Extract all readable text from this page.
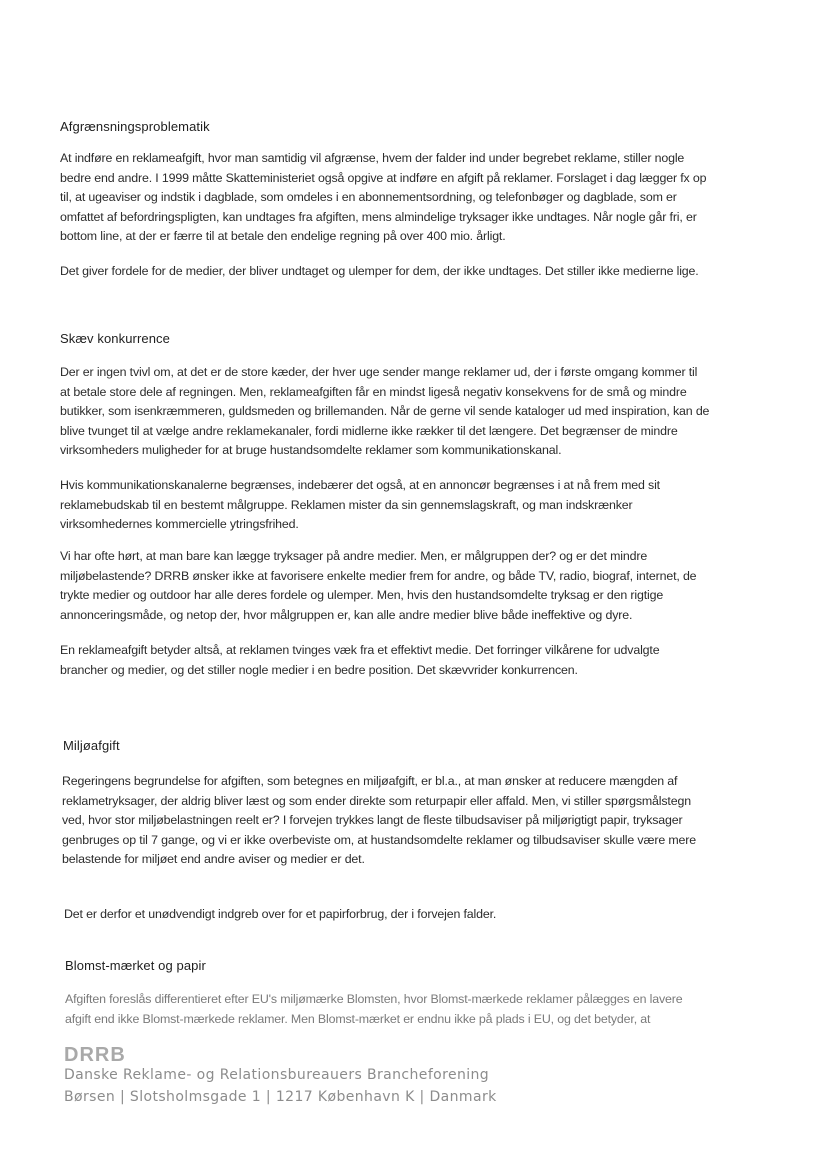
Afgrænsningsproblematik

At indføre en reklameafgift, hvor man samtidig vil afgrænse, hvem der falder ind under begrebet reklame, stiller nogle bedre end andre. I 1999 måtte Skatteministeriet også opgive at indføre en afgift på reklamer. Forslaget i dag lægger fx op til, at ugeaviser og indstik i dagblade, som omdeles i en abonnementsordning, og telefonbøger og dagblade, som er omfattet af befordringspligten, kan undtages fra afgiften, mens almindelige tryksager ikke undtages. Når nogle går fri, er bottom line, at der er færre til at betale den endelige regning på over 400 mio. årligt.

Det giver fordele for de medier, der bliver undtaget og ulemper for dem, der ikke undtages. Det stiller ikke medierne lige.

Skæv konkurrence

Der er ingen tvivl om, at det er de store kæder, der hver uge sender mange reklamer ud, der i første omgang kommer til at betale store dele af regningen. Men, reklameafgiften får en mindst ligeså negativ konsekvens for de små og mindre butikker, som isenkræmmeren, guldsmeden og brillemanden. Når de gerne vil sende kataloger ud med inspiration, kan de blive tvunget til at vælge andre reklamekanaler, fordi midlerne ikke rækker til det længere. Det begrænser de mindre virksomheders muligheder for at bruge hustandsomdelte reklamer som kommunikationskanal.

Hvis kommunikationskanalerne begrænses, indebærer det også, at en annoncør begrænses i at nå frem med sit reklamebudskab til en bestemt målgruppe. Reklamen mister da sin gennemslagskraft, og man indskrænker virksomhedernes kommercielle ytringsfrihed.

Vi har ofte hørt, at man bare kan lægge tryksager på andre medier. Men, er målgruppen der? og er det mindre miljøbelastende? DRRB ønsker ikke at favorisere enkelte medier frem for andre, og både TV, radio, biograf, internet, de trykte medier og outdoor har alle deres fordele og ulemper. Men, hvis den hustandsomdelte tryksag er den rigtige annonceringsmåde, og netop der, hvor målgruppen er, kan alle andre medier blive både ineffektive og dyre.

En reklameafgift betyder altså, at reklamen tvinges væk fra et effektivt medie. Det forringer vilkårene for udvalgte brancher og medier, og det stiller nogle medier i en bedre position. Det skævvrider konkurrencen.

Miljøafgift

Regeringens begrundelse for afgiften, som betegnes en miljøafgift, er bl.a., at man ønsker at reducere mængden af reklametryksager, der aldrig bliver læst og som ender direkte som returpapir eller affald. Men, vi stiller spørgsmålstegn ved, hvor stor miljøbelastningen reelt er? I forvejen trykkes langt de fleste tilbudsaviser på miljørigtigt papir, tryksager genbruges op til 7 gange, og vi er ikke overbeviste om, at hustandsomdelte reklamer og tilbudsaviser skulle være mere belastende for miljøet end andre aviser og medier er det.

Det er derfor et unødvendigt indgreb over for et papirforbrug, der i forvejen falder.

Blomst-mærket og papir

Afgiften foreslås differentieret efter EU's miljømærke Blomsten, hvor Blomst-mærkede reklamer pålægges en lavere afgift end ikke Blomst-mærkede reklamer. Men Blomst-mærket er endnu ikke på plads i EU, og det betyder, at

DRRB

Danske Reklame- og Relationsbureauers Brancheforening

Børsen | Slotsholmsgade 1 | 1217 København K | Danmark
